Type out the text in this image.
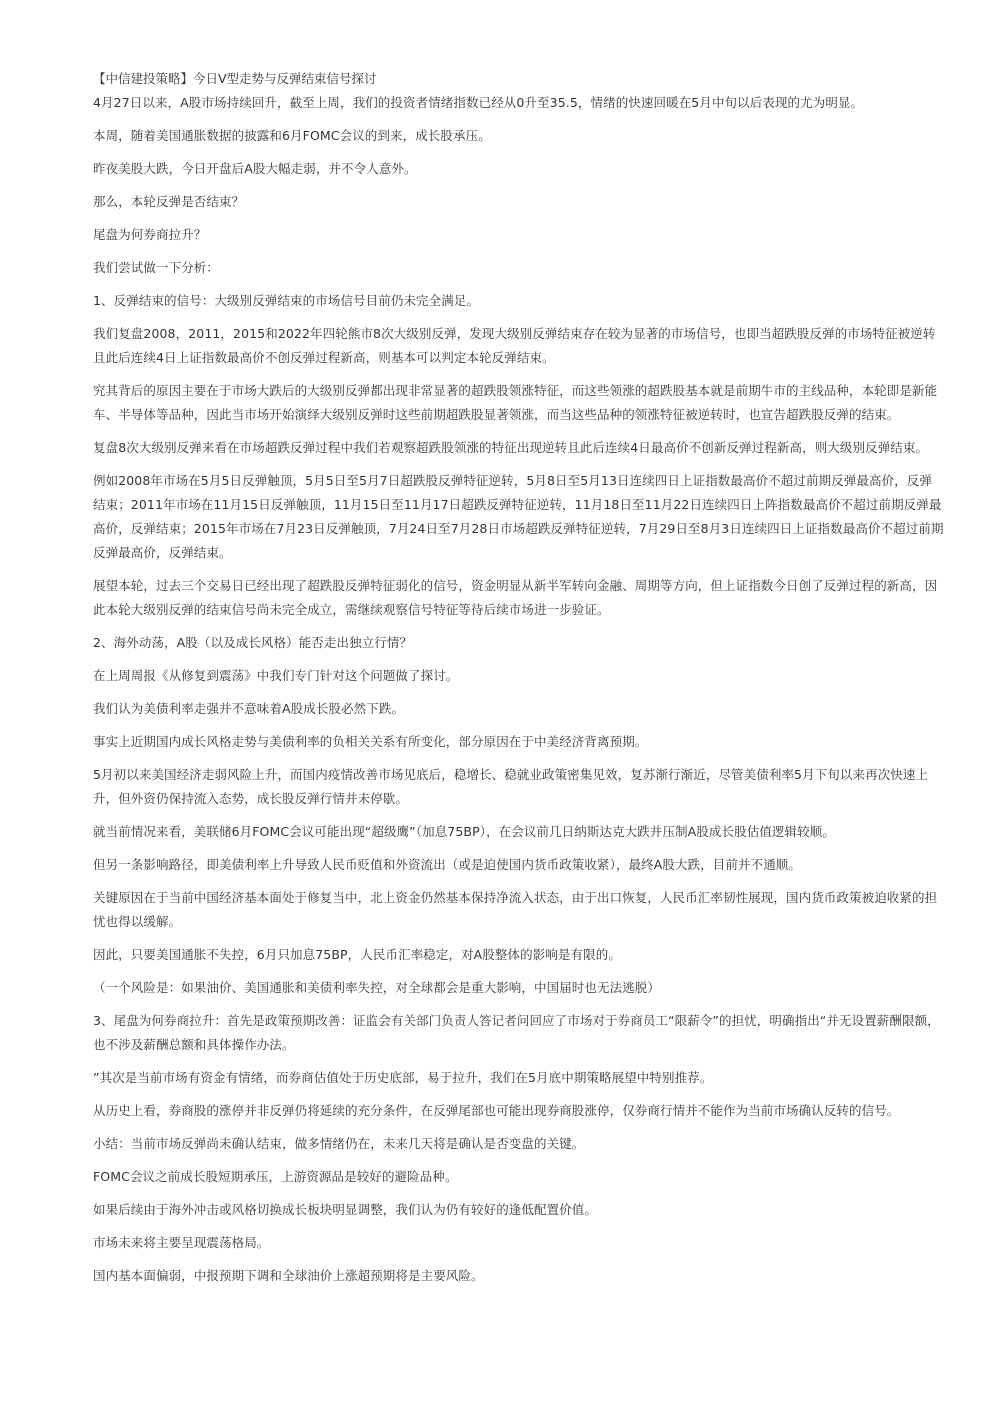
【中信建投策略】今日V型走势与反弹结束信号探讨

4月27日以来，A股市场持续回升，截至上周，我们的投资者情绪指数已经从0升至35.5，情绪的快速回暖在5月中旬以后表现的尤为明显。

本周，随着美国通胀数据的披露和6月FOMC会议的到来，成长股承压。

昨夜美股大跌，今日开盘后A股大幅走弱，并不令人意外。

那么，本轮反弹是否结束？

尾盘为何券商拉升？

我们尝试做一下分析：

1、反弹结束的信号：大级别反弹结束的市场信号目前仍未完全满足。

我们复盘2008，2011，2015和2022年四轮熊市8次大级别反弹，发现大级别反弹结束存在较为显著的市场信号，也即当超跌股反弹的市场特征被逆转且此后连续4日上证指数最高价不创反弹过程新高，则基本可以判定本轮反弹结束。

究其背后的原因主要在于市场大跌后的大级别反弹都出现非常显著的超跌股领涨特征，而这些领涨的超跌股基本就是前期牛市的主线品种，本轮即是新能车、半导体等品种，因此当市场开始演绎大级别反弹时这些前期超跌股显著领涨，而当这些品种的领涨特征被逆转时，也宣告超跌股反弹的结束。

复盘8次大级别反弹来看在市场超跌反弹过程中我们若观察超跌股领涨的特征出现逆转且此后连续4日最高价不创新反弹过程新高，则大级别反弹结束。

例如2008年市场在5月5日反弹触顶，5月5日至5月7日超跌股反弹特征逆转，5月8日至5月13日连续四日上证指数最高价不超过前期反弹最高价，反弹结束；2011年市场在11月15日反弹触顶，11月15日至11月17日超跌反弹特征逆转，11月18日至11月22日连续四日上阵指数最高价不超过前期反弹最高价，反弹结束；2015年市场在7月23日反弹触顶，7月24日至7月28日市场超跌反弹特征逆转，7月29日至8月3日连续四日上证指数最高价不超过前期反弹最高价，反弹结束。

展望本轮，过去三个交易日已经出现了超跌股反弹特征弱化的信号，资金明显从新半军转向金融、周期等方向，但上证指数今日创了反弹过程的新高，因此本轮大级别反弹的结束信号尚未完全成立，需继续观察信号特征等待后续市场进一步验证。

2、海外动荡，A股（以及成长风格）能否走出独立行情？

在上周周报《从修复到震荡》中我们专门针对这个问题做了探讨。

我们认为美债利率走强并不意味着A股成长股必然下跌。

事实上近期国内成长风格走势与美债利率的负相关关系有所变化，部分原因在于中美经济背离预期。

5月初以来美国经济走弱风险上升，而国内疫情改善市场见底后，稳增长、稳就业政策密集见效，复苏渐行渐近，尽管美债利率5月下旬以来再次快速上升，但外资仍保持流入态势，成长股反弹行情并未停歇。

就当前情况来看，美联储6月FOMC会议可能出现“超级鹰”（加息75BP），在会议前几日纳斯达克大跌并压制A股成长股估值逻辑较顺。

但另一条影响路径，即美债利率上升导致人民币贬值和外资流出（或是迫使国内货币政策收紧），最终A股大跌，目前并不通顺。

关键原因在于当前中国经济基本面处于修复当中，北上资金仍然基本保持净流入状态，由于出口恢复，人民币汇率韧性展现，国内货币政策被迫收紧的担忧也得以缓解。

因此，只要美国通胀不失控，6月只加息75BP，人民币汇率稳定，对A股整体的影响是有限的。

（一个风险是：如果油价、美国通胀和美债利率失控，对全球都会是重大影响，中国届时也无法逃脱）

3、尾盘为何券商拉升：首先是政策预期改善：证监会有关部门负责人答记者问回应了市场对于券商员工“限薪令”的担忧，明确指出“并无设置薪酬限额，也不涉及薪酬总额和具体操作办法。

”其次是当前市场有资金有情绪，而券商估值处于历史底部，易于拉升，我们在5月底中期策略展望中特别推荐。

从历史上看，券商股的涨停并非反弹仍将延续的充分条件，在反弹尾部也可能出现券商股涨停，仅券商行情并不能作为当前市场确认反转的信号。

小结：当前市场反弹尚未确认结束，做多情绪仍在，未来几天将是确认是否变盘的关键。

FOMC会议之前成长股短期承压，上游资源品是较好的避险品种。

如果后续由于海外冲击或风格切换成长板块明显调整，我们认为仍有较好的逢低配置价值。

市场未来将主要呈现震荡格局。

国内基本面偏弱，中报预期下调和全球油价上涨超预期将是主要风险。
